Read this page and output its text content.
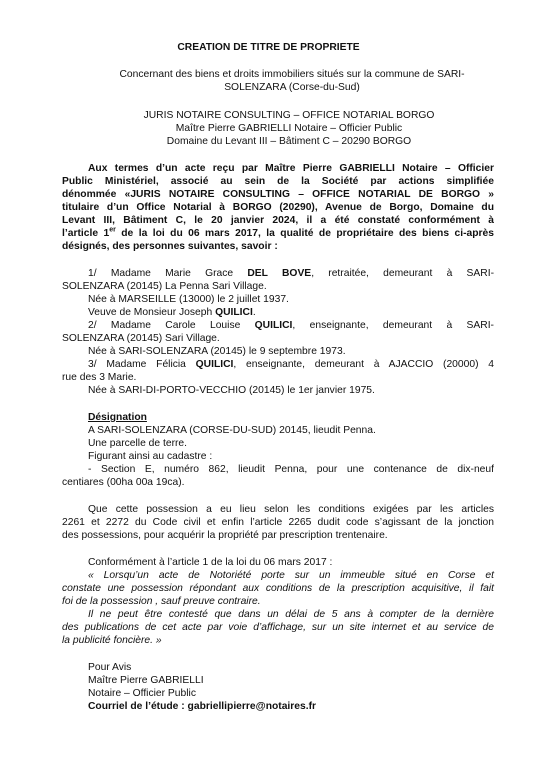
CREATION DE TITRE DE PROPRIETE
Concernant des biens et droits immobiliers situés sur la commune de SARI-
SOLENZARA (Corse-du-Sud)
JURIS NOTAIRE CONSULTING – OFFICE NOTARIAL BORGO
Maître Pierre GABRIELLI Notaire – Officier Public
Domaine du Levant III – Bâtiment C – 20290 BORGO
Aux termes d’un acte reçu par Maître Pierre GABRIELLI Notaire – Officier
Public Ministériel, associé au sein de la Société par actions simplifiée
dénommée «JURIS NOTAIRE CONSULTING – OFFICE NOTARIAL DE BORGO »
titulaire d’un Office Notarial à BORGO (20290), Avenue de Borgo, Domaine du
Levant III, Bâtiment C, le 20 janvier 2024, il a été constaté conformément à
l’article 1er de la loi du 06 mars 2017, la qualité de propriétaire des biens ci-après
désignés, des personnes suivantes, savoir :
1/ Madame Marie Grace DEL BOVE, retraitée, demeurant à SARI-
SOLENZARA (20145) La Penna Sari Village.
Née à MARSEILLE (13000) le 2 juillet 1937.
Veuve de Monsieur Joseph QUILICI.
2/ Madame Carole Louise QUILICI, enseignante, demeurant à SARI-
SOLENZARA (20145) Sari Village.
Née à SARI-SOLENZARA (20145) le 9 septembre 1973.
3/ Madame Félicia QUILICI, enseignante, demeurant à AJACCIO (20000) 4
rue des 3 Marie.
Née à SARI-DI-PORTO-VECCHIO (20145) le 1er janvier 1975.
Désignation
A SARI-SOLENZARA (CORSE-DU-SUD) 20145, lieudit Penna.
Une parcelle de terre.
Figurant ainsi au cadastre :
- Section E, numéro 862, lieudit Penna, pour une contenance de dix-neuf
centiares (00ha 00a 19ca).
Que cette possession a eu lieu selon les conditions exigées par les articles
2261 et 2272 du Code civil et enfin l’article 2265 dudit code s’agissant de la jonction
des possessions, pour acquérir la propriété par prescription trentenaire.
Conformément à l’article 1 de la loi du 06 mars 2017 :
« Lorsqu’un acte de Notoriété porte sur un immeuble situé en Corse et
constate une possession répondant aux conditions de la prescription acquisitive, il fait
foi de la possession , sauf preuve contraire.
Il ne peut être contesté que dans un délai de 5 ans à compter de la dernière
des publications de cet acte par voie d’affichage, sur un site internet et au service de
la publicité foncière. »
Pour Avis
Maître Pierre GABRIELLI
Notaire – Officier Public
Courriel de l’étude : gabriellipierre@notaires.fr
